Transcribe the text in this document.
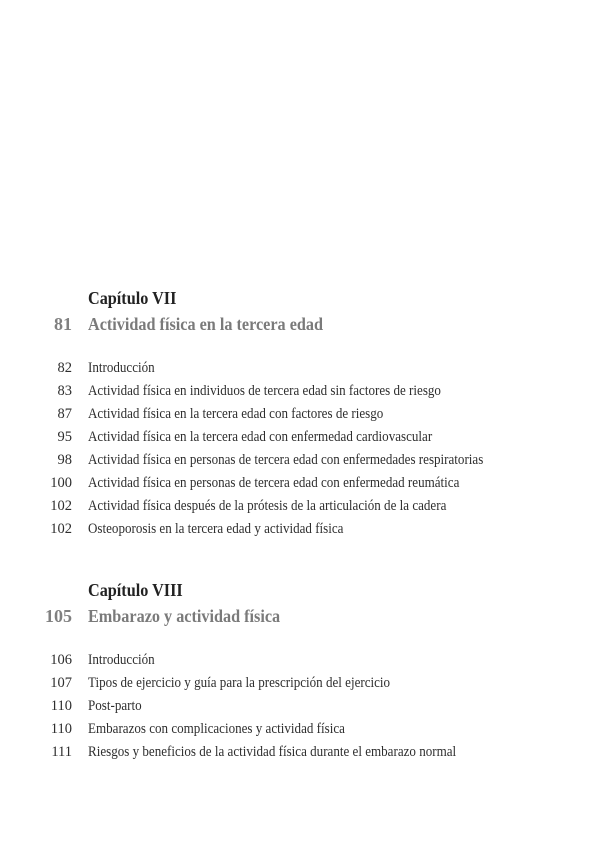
Capítulo VII
81 Actividad física en la tercera edad
82 Introducción
83 Actividad física en individuos de tercera edad sin factores de riesgo
87 Actividad física en la tercera edad con factores de riesgo
95 Actividad física en la tercera edad con enfermedad cardiovascular
98 Actividad física en personas de tercera edad con enfermedades respiratorias
100 Actividad física en personas de tercera edad con enfermedad reumática
102 Actividad física después de la prótesis de la articulación de la cadera
102 Osteoporosis en la tercera edad y actividad física
Capítulo VIII
105 Embarazo y actividad física
106 Introducción
107 Tipos de ejercicio y guía para la prescripción del ejercicio
110 Post-parto
110 Embarazos con complicaciones y actividad física
111 Riesgos y beneficios de la actividad física durante el embarazo normal
